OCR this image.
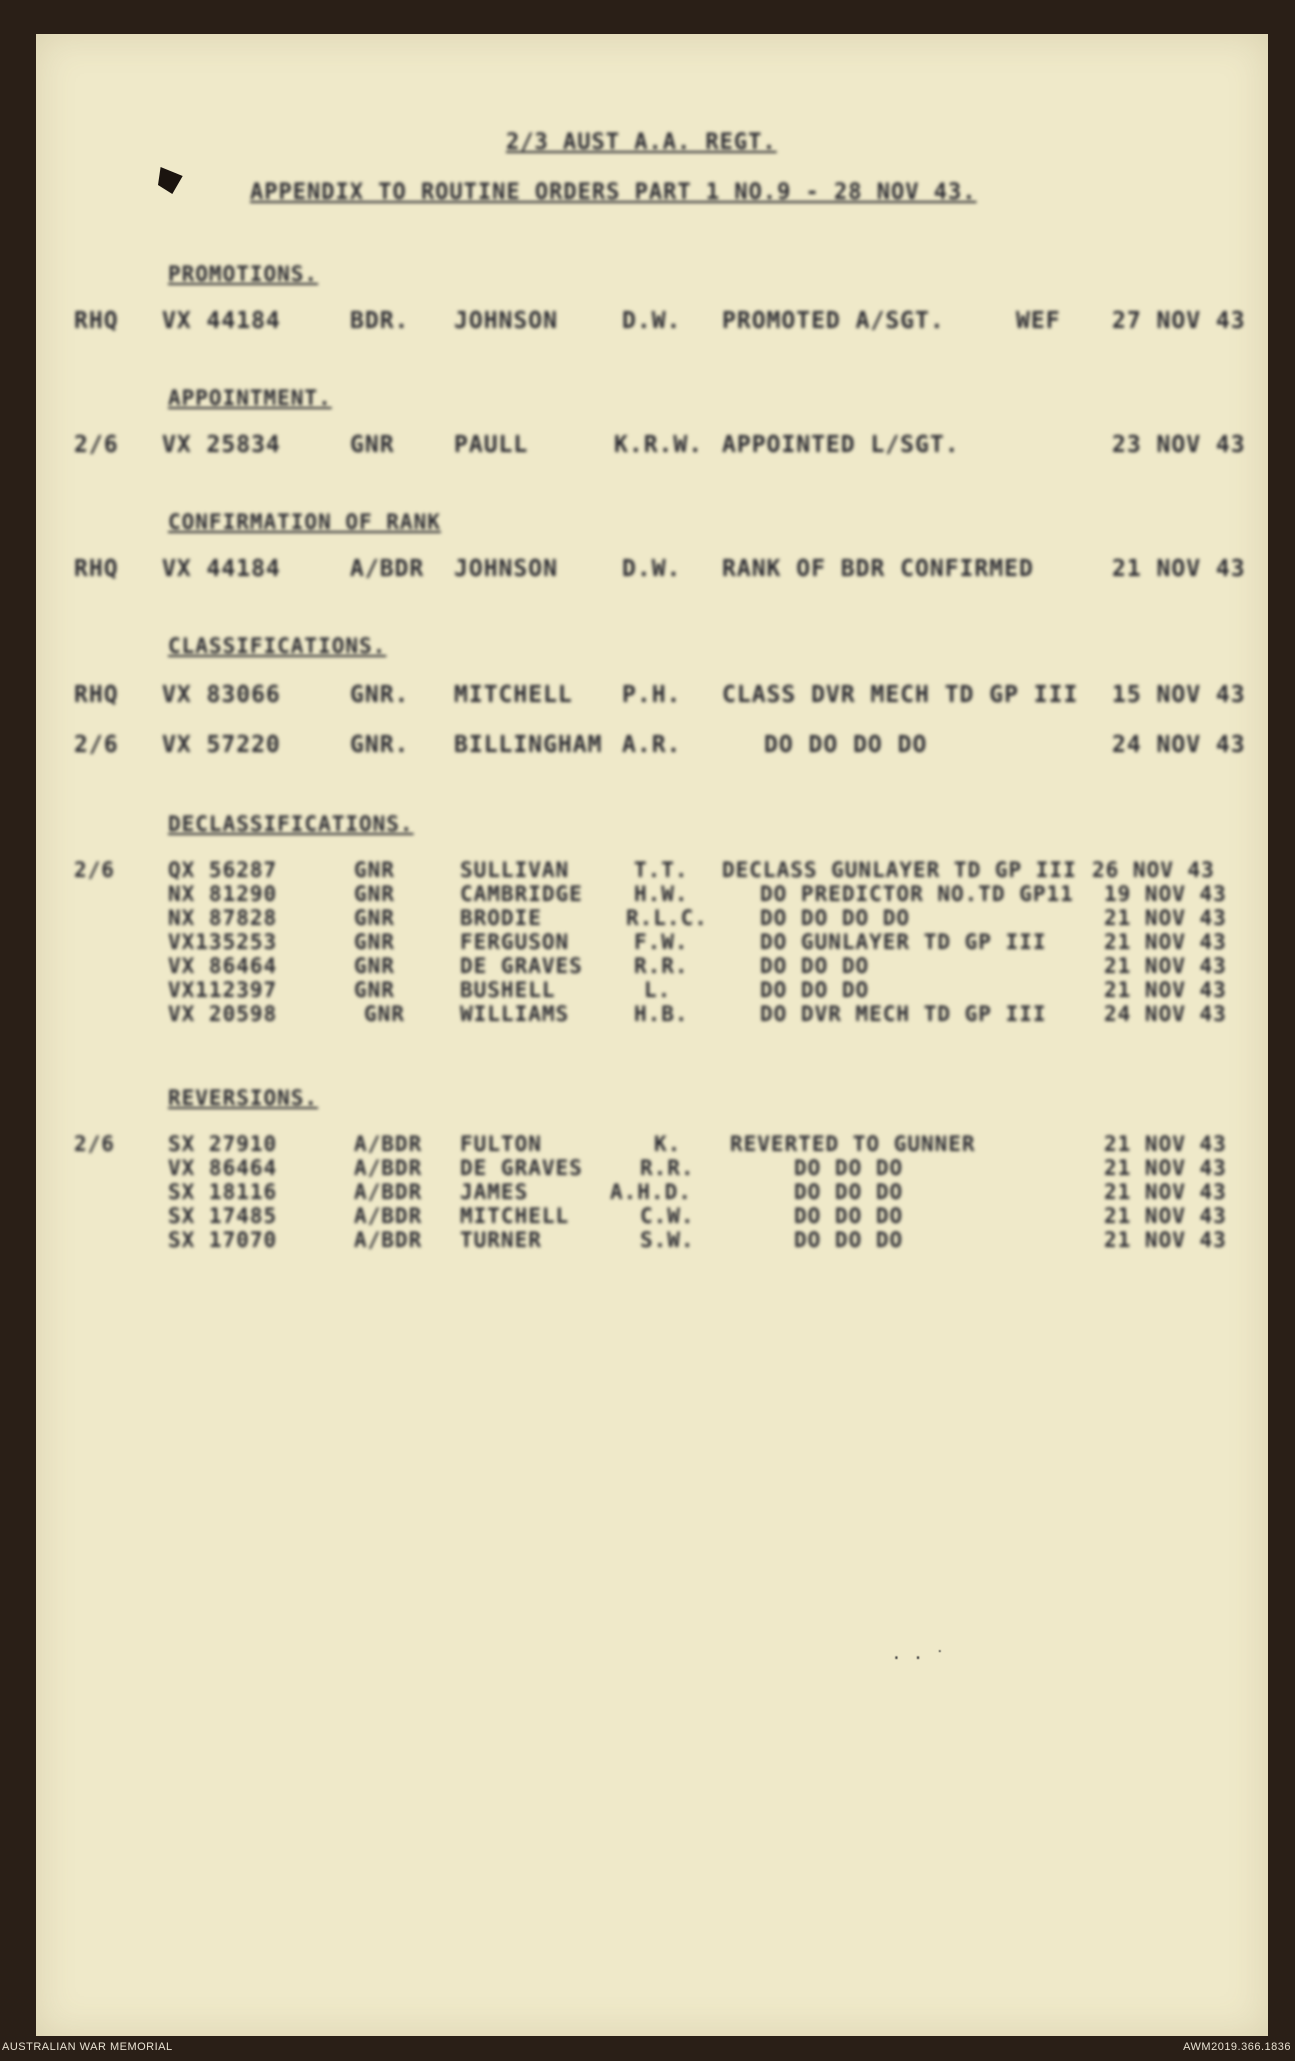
2/3 AUST A.A. REGT.
APPENDIX TO ROUTINE ORDERS PART 1 NO.9 - 28 NOV 43.
PROMOTIONS.
RHQ VX 44184	BDR. JOHNSON	D.W. PROMOTED A/SGT.	WEF 27 NOV 43
APPOINTMENT.
2/6 VX 25834	GNR	PAULL	K.R.W. APPOINTED L/SGT.	23 NOV 43
CONFIRMATION OF RANK
RHQ VX 44184	A/BDR JOHNSON	D.W. RANK OF BDR CONFIRMED	21 NOV 43
CLASSIFICATIONS.
RHQ VX 83066	GNR. MITCHELL P.H. CLASS DVR MECH TD GP III 15 NOV 43
2/6 VX 57220	GNR. BILLINGHAM A.R.	DO DO DO DO	24 NOV 43
DECLASSIFICATIONS.
2/6	QX 56287	GNR	SULLIVAN	T.T. DECLASS GUNLAYER TD GP III 26 NOV 43
NX 81290	GNR	CAMBRIDGE H.W.	DO PREDICTOR NO.TD GP11 19 NOV 43
NX 87828	GNR	BRODIE	R.L.C. DO DO DO DO	21 NOV 43
VX135253	GNR	FERGUSON	F.W.	DO GUNLAYER TD GP III	21 NOV 43
VX 86464	GNR	DE GRAVES R.R.	DO DO DO	21 NOV 43
VX112397	GNR	BUSHELL	L.	DO DO DO	21 NOV 43
VX 20598	GNR	WILLIAMS	H.B.	DO DVR MECH TD GP III	24 NOV 43
REVERSIONS.
2/6	SX 27910	A/BDR FULTON	K. REVERTED TO GUNNER	21 NOV 43
VX 86464	A/BDR DE GRAVES	R.R.	DO DO DO	21 NOV 43
SX 18116	A/BDR JAMES	A.H.D.	DO DO DO	21 NOV 43
SX 17485	A/BDR MITCHELL	C.W.	DO DO DO	21 NOV 43
SX 17070	A/BDR TURNER	S.W.	DO DO DO	21 NOV 43
· · ˙
AUSTRALIAN WAR MEMORIAL	AWM2019.366.1836
